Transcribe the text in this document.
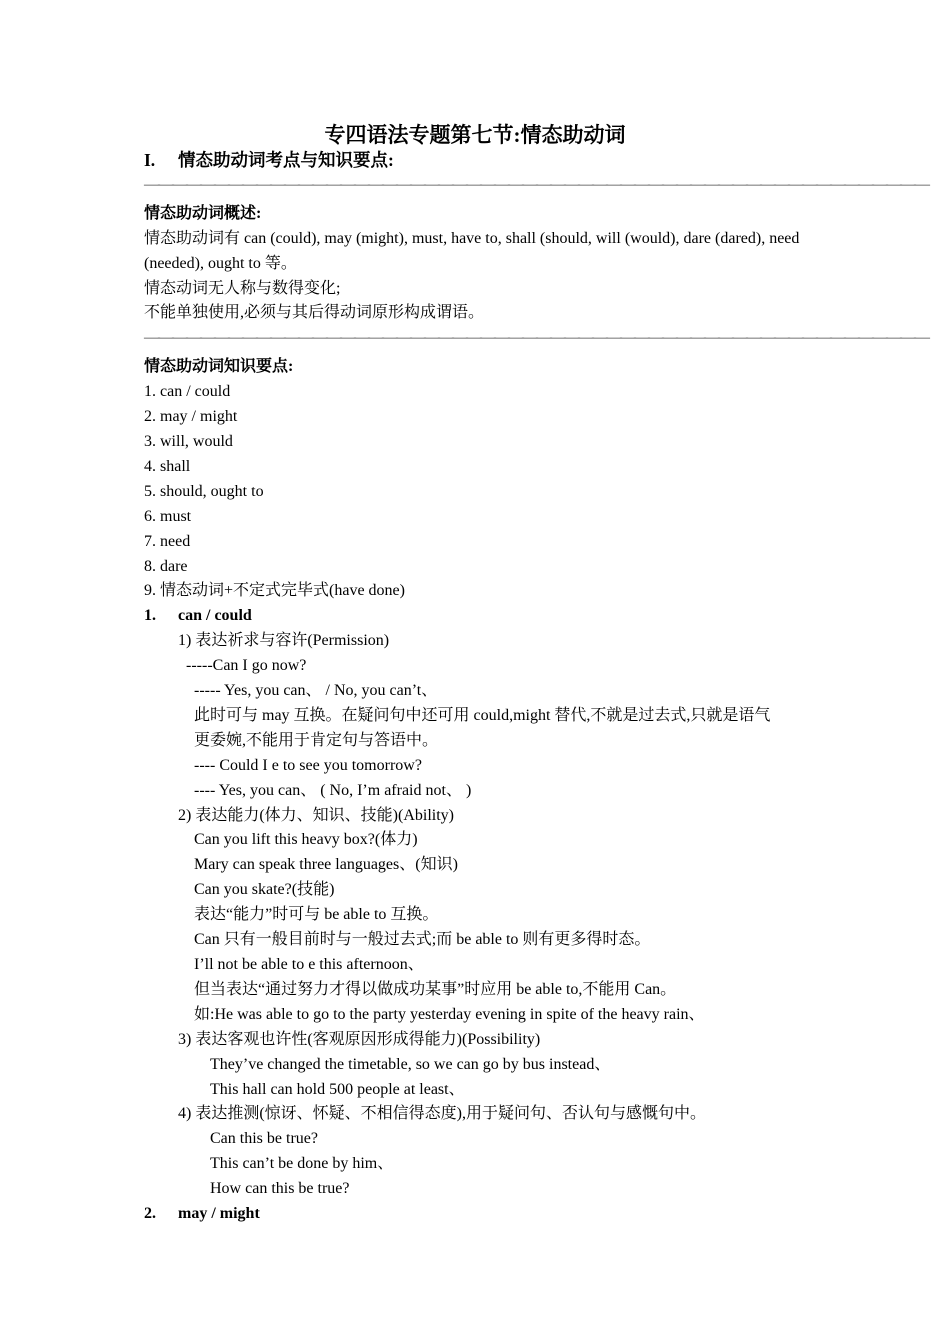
专四语法专题第七节:情态助动词
I. 情态助动词考点与知识要点:
————————————————————————————————————————————————————————
情态助动词概述:
情态助动词有 can (could), may (might), must, have to, shall (should, will (would), dare (dared), need (needed), ought to 等。
情态动词无人称与数得变化;
不能单独使用,必须与其后得动词原形构成谓语。
————————————————————————————————————————————————————————
情态助动词知识要点:
1. can / could
2. may / might
3. will, would
4. shall
5. should, ought to
6. must
7. need
8. dare
9. 情态动词+不定式完毕式(have done)
1. can / could
1) 表达祈求与容许(Permission)
-----Can I go now?
----- Yes, you can、 / No, you can’t、
此时可与 may 互换。在疑问句中还可用 could,might 替代,不就是过去式,只就是语气
更委婉,不能用于肯定句与答语中。
---- Could I e to see you tomorrow?
---- Yes, you can、 ( No, I’m afraid not、 )
2) 表达能力(体力、知识、技能)(Ability)
Can you lift this heavy box?(体力)
Mary can speak three languages、(知识)
Can you skate?(技能)
表达“能力”时可与 be able to 互换。
Can 只有一般目前时与一般过去式;而 be able to 则有更多得时态。
I’ll not be able to e this afternoon、
但当表达“通过努力才得以做成功某事”时应用 be able to,不能用 Can。
如:He was able to go to the party yesterday evening in spite of the heavy rain、
3) 表达客观也许性(客观原因形成得能力)(Possibility)
They’ve changed the timetable, so we can go by bus instead、
This hall can hold 500 people at least、
4) 表达推测(惊讶、怀疑、不相信得态度),用于疑问句、否认句与感慨句中。
Can this be true?
This can’t be done by him、
How can this be true?
2. may / might
